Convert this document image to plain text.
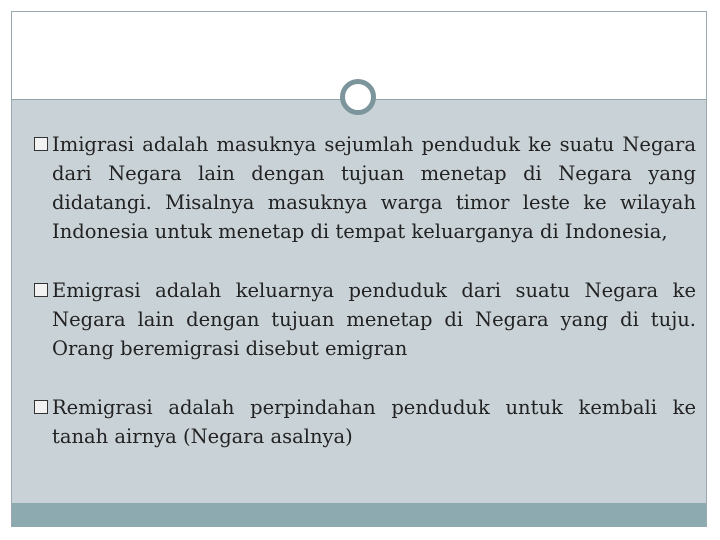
Imigrasi adalah masuknya sejumlah penduduk ke suatu Negara dari Negara lain dengan tujuan menetap di Negara yang didatangi. Misalnya masuknya warga timor leste ke wilayah Indonesia untuk menetap di tempat keluarganya di Indonesia,
Emigrasi adalah keluarnya penduduk dari suatu Negara ke Negara lain dengan tujuan menetap di Negara yang di tuju. Orang beremigrasi disebut emigran
Remigrasi adalah perpindahan penduduk untuk kembali ke tanah airnya (Negara asalnya)
